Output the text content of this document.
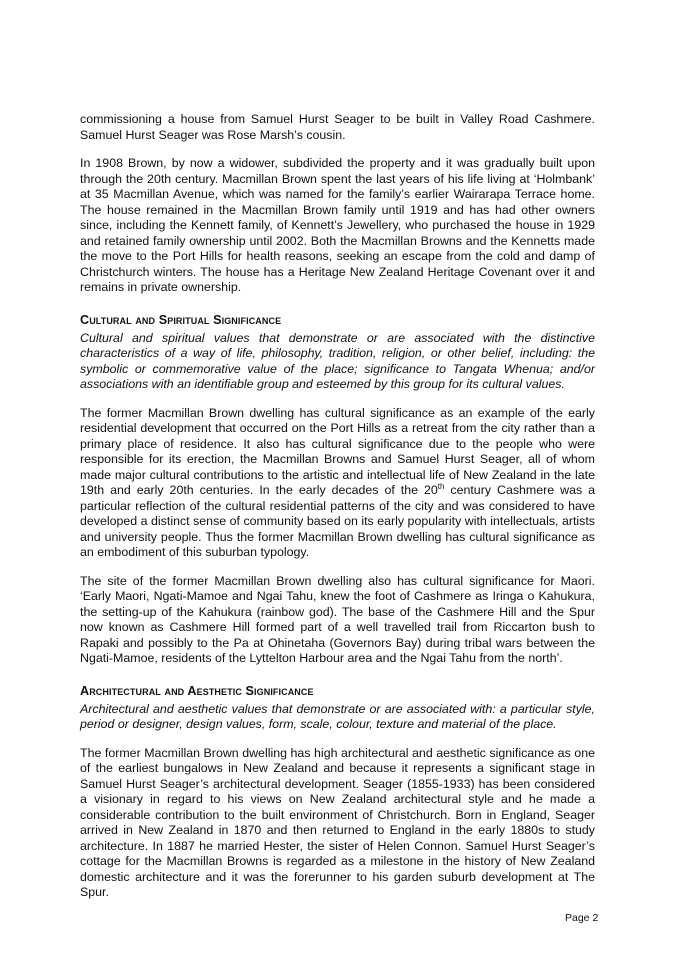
commissioning a house from Samuel Hurst Seager to be built in Valley Road Cashmere. Samuel Hurst Seager was Rose Marsh’s cousin.

In 1908 Brown, by now a widower, subdivided the property and it was gradually built upon through the 20th century. Macmillan Brown spent the last years of his life living at ‘Holmbank’ at 35 Macmillan Avenue, which was named for the family’s earlier Wairarapa Terrace home. The house remained in the Macmillan Brown family until 1919 and has had other owners since, including the Kennett family, of Kennett’s Jewellery, who purchased the house in 1929 and retained family ownership until 2002. Both the Macmillan Browns and the Kennetts made the move to the Port Hills for health reasons, seeking an escape from the cold and damp of Christchurch winters. The house has a Heritage New Zealand Heritage Covenant over it and remains in private ownership.

Cultural and Spiritual Significance

Cultural and spiritual values that demonstrate or are associated with the distinctive characteristics of a way of life, philosophy, tradition, religion, or other belief, including: the symbolic or commemorative value of the place; significance to Tangata Whenua; and/or associations with an identifiable group and esteemed by this group for its cultural values.

The former Macmillan Brown dwelling has cultural significance as an example of the early residential development that occurred on the Port Hills as a retreat from the city rather than a primary place of residence. It also has cultural significance due to the people who were responsible for its erection, the Macmillan Browns and Samuel Hurst Seager, all of whom made major cultural contributions to the artistic and intellectual life of New Zealand in the late 19th and early 20th centuries. In the early decades of the 20th century Cashmere was a particular reflection of the cultural residential patterns of the city and was considered to have developed a distinct sense of community based on its early popularity with intellectuals, artists and university people. Thus the former Macmillan Brown dwelling has cultural significance as an embodiment of this suburban typology.

The site of the former Macmillan Brown dwelling also has cultural significance for Maori. ‘Early Maori, Ngati-Mamoe and Ngai Tahu, knew the foot of Cashmere as Iringa o Kahukura, the setting-up of the Kahukura (rainbow god). The base of the Cashmere Hill and the Spur now known as Cashmere Hill formed part of a well travelled trail from Riccarton bush to Rapaki and possibly to the Pa at Ohinetaha (Governors Bay) during tribal wars between the Ngati-Mamoe, residents of the Lyttelton Harbour area and the Ngai Tahu from the north’.

Architectural and Aesthetic Significance

Architectural and aesthetic values that demonstrate or are associated with: a particular style, period or designer, design values, form, scale, colour, texture and material of the place.

The former Macmillan Brown dwelling has high architectural and aesthetic significance as one of the earliest bungalows in New Zealand and because it represents a significant stage in Samuel Hurst Seager’s architectural development. Seager (1855-1933) has been considered a visionary in regard to his views on New Zealand architectural style and he made a considerable contribution to the built environment of Christchurch. Born in England, Seager arrived in New Zealand in 1870 and then returned to England in the early 1880s to study architecture. In 1887 he married Hester, the sister of Helen Connon. Samuel Hurst Seager’s cottage for the Macmillan Browns is regarded as a milestone in the history of New Zealand domestic architecture and it was the forerunner to his garden suburb development at The Spur.

Page 2
